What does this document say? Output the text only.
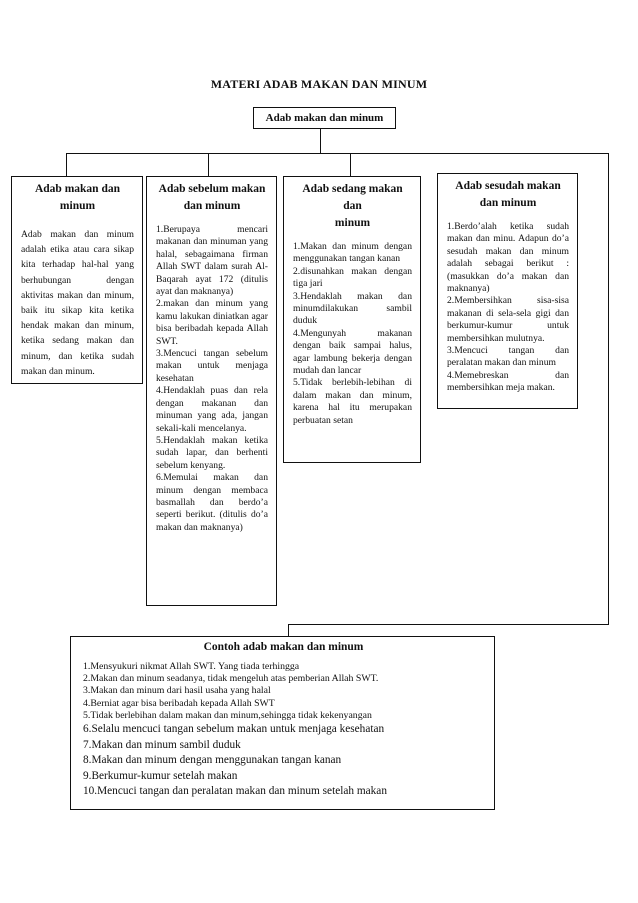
MATERI ADAB MAKAN DAN MINUM
Adab makan dan minum
Adab makan dan
minum
Adab makan dan minum adalah etika atau cara sikap kita terhadap hal-hal yang berhubungan dengan aktivitas makan dan minum, baik itu sikap kita ketika hendak makan dan minum, ketika sedang makan dan minum, dan ketika sudah makan dan minum.
Adab sebelum makan
dan minum
1.Berupaya mencari makanan dan minuman yang halal, sebagaimana firman Allah SWT dalam surah Al-Baqarah ayat 172 (ditulis ayat dan maknanya)
2.makan dan minum yang kamu lakukan diniatkan agar bisa beribadah kepada Allah SWT.
3.Mencuci tangan sebelum makan untuk menjaga kesehatan
4.Hendaklah puas dan rela dengan makanan dan minuman yang ada, jangan sekali-kali mencelanya.
5.Hendaklah makan ketika sudah lapar, dan berhenti sebelum kenyang.
6.Memulai makan dan minum dengan membaca basmallah dan berdo’a seperti berikut. (ditulis do’a makan dan maknanya)
Adab sedang makan dan
minum
1.Makan dan minum dengan menggunakan tangan kanan
2.disunahkan makan dengan tiga jari
3.Hendaklah makan dan minumdilakukan sambil duduk
4.Mengunyah makanan dengan baik sampai halus, agar lambung bekerja dengan mudah dan lancar
5.Tidak berlebih-lebihan di dalam makan dan minum, karena hal itu merupakan perbuatan setan
Adab sesudah makan
dan minum
1.Berdo’alah ketika sudah makan dan minu. Adapun do’a sesudah makan dan minum adalah sebagai berikut : (masukkan do’a makan dan maknanya)
2.Membersihkan sisa-sisa makanan di sela-sela gigi dan berkumur-kumur untuk membersihkan mulutnya.
3.Mencuci tangan dan peralatan makan dan minum
4.Memebreskan dan membersihkan meja makan.
Contoh adab makan dan minum
1.Mensyukuri nikmat Allah SWT. Yang tiada terhingga
2.Makan dan minum seadanya, tidak mengeluh atas pemberian Allah SWT.
3.Makan dan minum dari hasil usaha yang halal
4.Berniat agar bisa beribadah kepada Allah SWT
5.Tidak berlebihan dalam makan dan minum,sehingga tidak kekenyangan
6.Selalu mencuci tangan sebelum makan untuk menjaga kesehatan
7.Makan dan minum sambil duduk
8.Makan dan minum dengan menggunakan tangan kanan
9.Berkumur-kumur setelah makan
10.Mencuci tangan dan peralatan makan dan minum setelah makan
